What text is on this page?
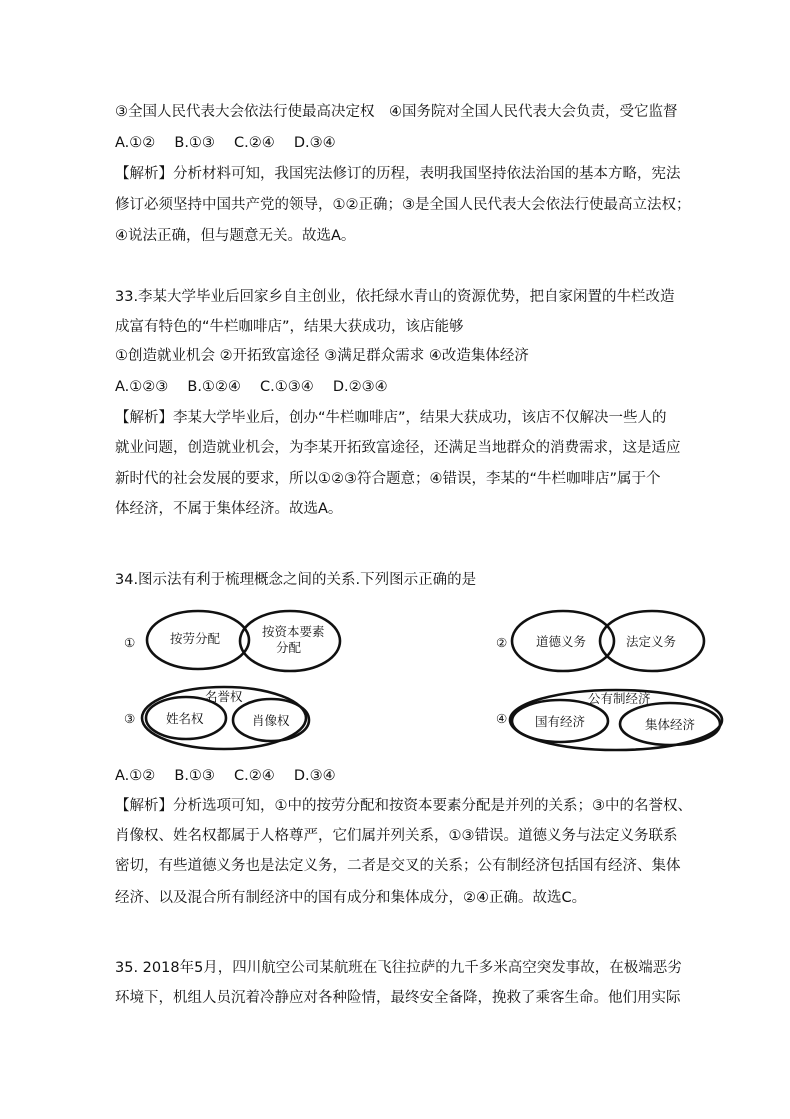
③全国人民代表大会依法行使最高决定权　④国务院对全国人民代表大会负责，受它监督
A.①②　 B.①③　 C.②④　 D.③④
【解析】分析材料可知，我国宪法修订的历程，表明我国坚持依法治国的基本方略，宪法
修订必须坚持中国共产党的领导，①②正确；③是全国人民代表大会依法行使最高立法权；
④说法正确，但与题意无关。故选A。
33.李某大学毕业后回家乡自主创业，依托绿水青山的资源优势，把自家闲置的牛栏改造
成富有特色的“牛栏咖啡店”，结果大获成功，该店能够
①创造就业机会 ②开拓致富途径 ③满足群众需求 ④改造集体经济
A.①②③　 B.①②④　 C.①③④　 D.②③④
【解析】李某大学毕业后，创办“牛栏咖啡店”，结果大获成功，该店不仅解决一些人的
就业问题，创造就业机会，为李某开拓致富途径，还满足当地群众的消费需求，这是适应
新时代的社会发展的要求，所以①②③符合题意；④错误，李某的“牛栏咖啡店”属于个
体经济，不属于集体经济。故选A。
34.图示法有利于梳理概念之间的关系.下列图示正确的是
①	按劳分配	按资本要素
分配	② 道德义务	法定义务
③
名誉权
姓名权	肖像权	④
公有制经济
国有经济	集体经济
A.①②　 B.①③　 C.②④　 D.③④
【解析】分析选项可知，①中的按劳分配和按资本要素分配是并列的关系；③中的名誉权、
肖像权、姓名权都属于人格尊严，它们属并列关系，①③错误。道德义务与法定义务联系
密切，有些道德义务也是法定义务，二者是交叉的关系；公有制经济包括国有经济、集体
经济、以及混合所有制经济中的国有成分和集体成分，②④正确。故选C。
35. 2018年5月，四川航空公司某航班在飞往拉萨的九千多米高空突发事故，在极端恶劣
环境下，机组人员沉着冷静应对各种险情，最终安全备降，挽救了乘客生命。他们用实际
